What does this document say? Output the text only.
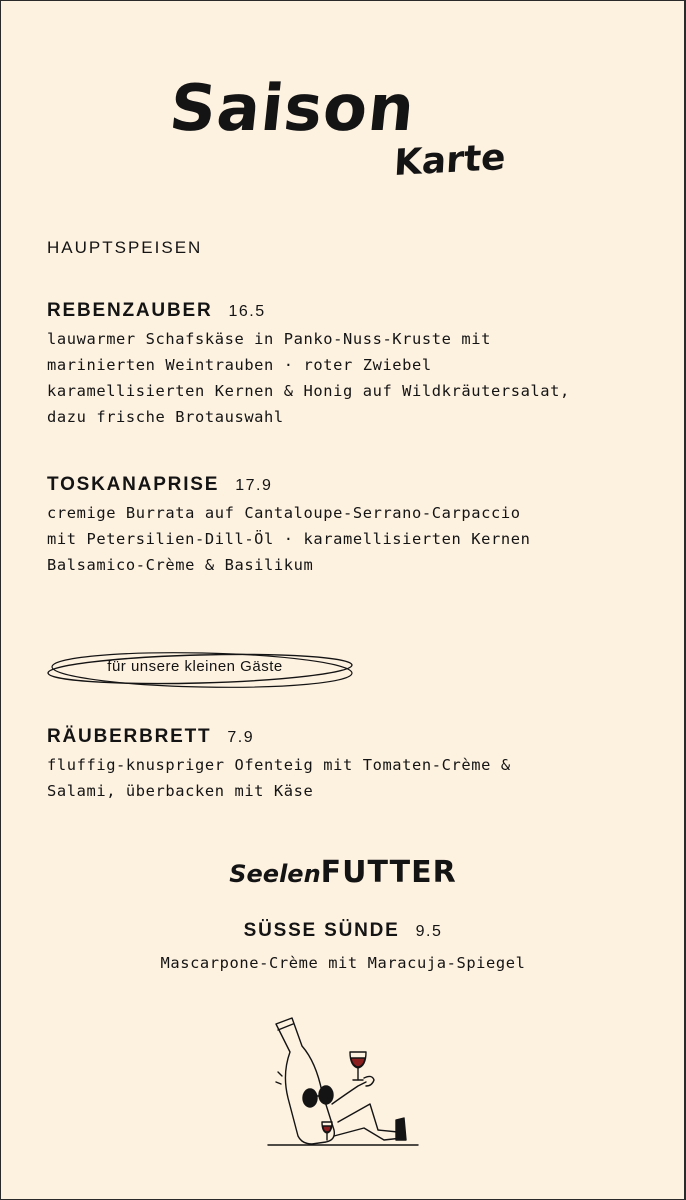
Saison
Karte
HAUPTSPEISEN
REBENZAUBER 16.5
lauwarmer Schafskäse in Panko-Nuss-Kruste mit
marinierten Weintrauben · roter Zwiebel
karamellisierten Kernen & Honig auf Wildkräutersalat,
dazu frische Brotauswahl
TOSKANAPRISE 17.9
cremige Burrata auf Cantaloupe-Serrano-Carpaccio
mit Petersilien-Dill-Öl · karamellisierten Kernen
Balsamico-Crème & Basilikum
für unsere kleinen Gäste
RÄUBERBRETT 7.9
fluffig-knuspriger Ofenteig mit Tomaten-Crème &
Salami, überbacken mit Käse
SeelenFUTTER
SÜSSE SÜNDE 9.5
Mascarpone-Crème mit Maracuja-Spiegel
